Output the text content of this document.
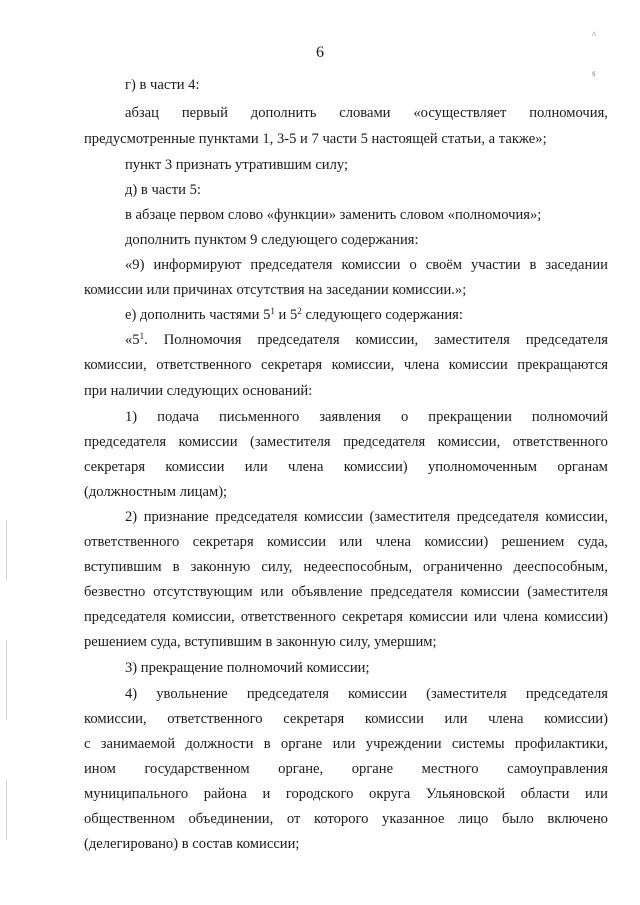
^
s
6
г) в части 4:
абзац первый дополнить словами «осуществляет полномочия,
предусмотренные пунктами 1, 3-5 и 7 части 5 настоящей статьи, а также»;
пункт 3 признать утратившим силу;
д) в части 5:
в абзаце первом слово «функции» заменить словом «полномочия»;
дополнить пунктом 9 следующего содержания:
«9) информируют председателя комиссии о своём участии в заседании
комиссии или причинах отсутствия на заседании комиссии.»;
е) дополнить частями $5^1$ и $5^2$ следующего содержания:
«$5^1$. Полномочия председателя комиссии, заместителя председателя
комиссии, ответственного секретаря комиссии, члена комиссии прекращаются
при наличии следующих оснований:
1) подача письменного заявления о прекращении полномочий
председателя комиссии (заместителя председателя комиссии, ответственного
секретаря комиссии или члена комиссии) уполномоченным органам
(должностным лицам);
2) признание председателя комиссии (заместителя председателя комиссии,
ответственного секретаря комиссии или члена комиссии) решением суда,
вступившим в законную силу, недееспособным, ограниченно дееспособным,
безвестно отсутствующим или объявление председателя комиссии (заместителя
председателя комиссии, ответственного секретаря комиссии или члена комиссии)
решением суда, вступившим в законную силу, умершим;
3) прекращение полномочий комиссии;
4) увольнение председателя комиссии (заместителя председателя
комиссии, ответственного секретаря комиссии или члена комиссии)
с занимаемой должности в органе или учреждении системы профилактики,
ином государственном органе, органе местного самоуправления
муниципального района и городского округа Ульяновской области или
общественном объединении, от которого указанное лицо было включено
(делегировано) в состав комиссии;
